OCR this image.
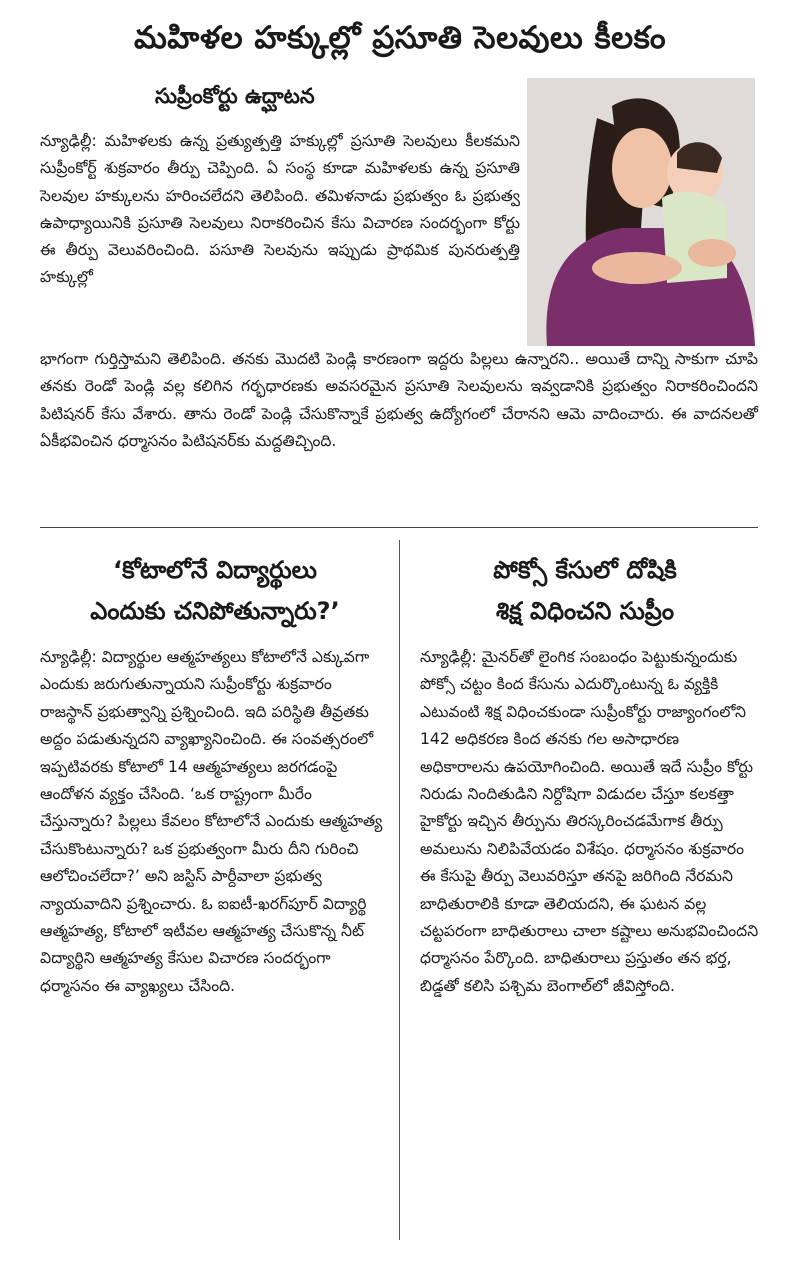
మహిళల హక్కుల్లో ప్రసూతి సెలవులు కీలకం
సుప్రీంకోర్టు ఉద్ఘాటన
న్యూఢిల్లీ: మహిళలకు ఉన్న ప్రత్యుత్పత్తి హక్కుల్లో ప్రసూతి సెలవులు కీలకమని సుప్రీంకోర్ట్ శుక్రవారం తీర్పు చెప్పింది. ఏ సంస్థ కూడా మహిళలకు ఉన్న ప్రసూతి సెలవుల హక్కులను హరించలేదని తెలిపింది. తమిళనాడు ప్రభుత్వం ఓ ప్రభుత్వ ఉపాధ్యాయినికి ప్రసూతి సెలవులు నిరాకరించిన కేసు విచారణ సందర్భంగా కోర్టు ఈ తీర్పు వెలువరించింది. పసూతి సెలవును ఇప్పుడు ప్రాథమిక పునరుత్పత్తి హక్కుల్లో
భాగంగా గుర్తిస్తామని తెలిపింది. తనకు మొదటి పెండ్లి కారణంగా ఇద్దరు పిల్లలు ఉన్నారని.. అయితే దాన్ని సాకుగా చూపి తనకు రెండో పెండ్లి వల్ల కలిగిన గర్భధారణకు అవసరమైన ప్రసూతి సెలవులను ఇవ్వడానికి ప్రభుత్వం నిరాకరించిందని పిటిషనర్ కేసు వేశారు. తాను రెండో పెండ్లి చేసుకొన్నాకే ప్రభుత్వ ఉద్యోగంలో చేరానని ఆమె వాదించారు. ఈ వాదనలతో ఏకీభవించిన ధర్మాసనం పిటిషనర్‌కు మద్దతిచ్చింది.
‘కోటాలోనే విద్యార్థులు
ఎందుకు చనిపోతున్నారు?’
పోక్సో కేసులో దోషికి
శిక్ష విధించని సుప్రీం
న్యూఢిల్లీ: విద్యార్థుల ఆత్మహత్యలు కోటాలోనే ఎక్కువగా ఎందుకు జరుగుతున్నాయని సుప్రీంకోర్టు శుక్రవారం రాజస్థాన్ ప్రభుత్వాన్ని ప్రశ్నించింది. ఇది పరిస్థితి తీవ్రతకు అద్దం పడుతున్నదని వ్యాఖ్యానించింది. ఈ సంవత్సరంలో ఇప్పటివరకు కోటాలో 14 ఆత్మహత్యలు జరగడంపై ఆందోళన వ్యక్తం చేసింది. ‘ఒక రాష్ట్రంగా మీరేం చేస్తున్నారు? పిల్లలు కేవలం కోటాలోనే ఎందుకు ఆత్మహత్య చేసుకొంటున్నారు? ఒక ప్రభుత్వంగా మీరు దీని గురించి ఆలోచించలేదా?’ అని జస్టిస్ పార్దీవాలా ప్రభుత్వ న్యాయవాదిని ప్రశ్నించారు. ఓ ఐఐటీ-ఖరగ్‌పూర్ విద్యార్థి ఆత్మహత్య, కోటాలో ఇటీవల ఆత్మహత్య చేసుకొన్న నీట్ విద్యార్థిని ఆత్మహత్య కేసుల విచారణ సందర్భంగా ధర్మాసనం ఈ వ్యాఖ్యలు చేసింది.
న్యూఢిల్లీ: మైనర్‌తో లైంగిక సంబంధం పెట్టుకున్నందుకు పోక్సో చట్టం కింద కేసును ఎదుర్కొంటున్న ఓ వ్యక్తికి ఎటువంటి శిక్ష విధించకుండా సుప్రీంకోర్టు రాజ్యాంగంలోని 142 అధికరణ కింద తనకు గల అసాధారణ అధికారాలను ఉపయోగించింది. అయితే ఇదే సుప్రీం కోర్టు నిరుడు నిందితుడిని నిర్దోషిగా విడుదల చేస్తూ కలకత్తా హైకోర్టు ఇచ్చిన తీర్పును తిరస్కరించడమేగాక తీర్పు అమలును నిలిపివేయడం విశేషం. ధర్మాసనం శుక్రవారం ఈ కేసుపై తీర్పు వెలువరిస్తూ తనపై జరిగింది నేరమని బాధితురాలికి కూడా తెలియదని, ఈ ఘటన వల్ల చట్టపరంగా బాధితురాలు చాలా కష్టాలు అనుభవించిందని ధర్మాసనం పేర్కొంది. బాధితురాలు ప్రస్తుతం తన భర్త, బిడ్డతో కలిసి పశ్చిమ బెంగాల్‌లో జీవిస్తోంది.
